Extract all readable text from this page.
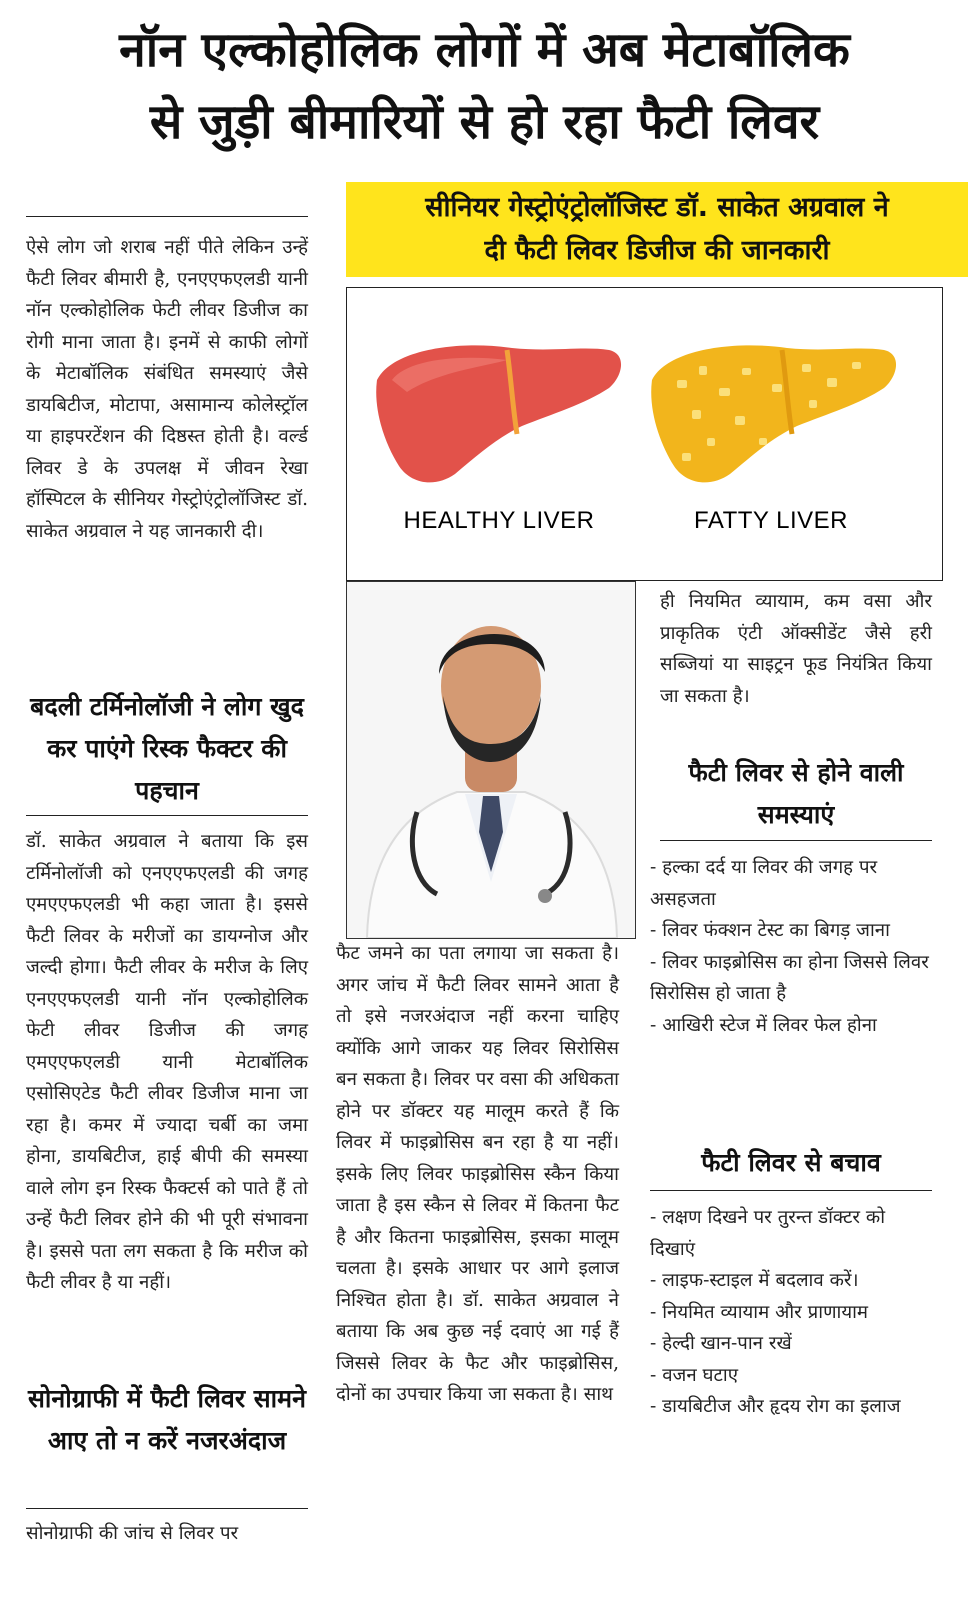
नॉन एल्कोहोलिक लोगों में अब मेटाबॉलिक
से जुड़ी बीमारियों से हो रहा फैटी लिवर
ऐसे लोग जो शराब नहीं पीते लेकिन उन्हें फैटी लिवर बीमारी है, एनएएफएलडी यानी नॉन एल्कोहोलिक फेटी लीवर डिजीज का रोगी माना जाता है। इनमें से काफी लोगों के मेटाबॉलिक संबंधित समस्याएं जैसे डायबिटीज, मोटापा, असामान्य कोलेस्ट्रॉल या हाइपरटेंशन की दिष्ठस्त होती है। वर्ल्ड लिवर डे के उपलक्ष में जीवन रेखा हॉस्पिटल के सीनियर गेस्ट्रोएंट्रोलॉजिस्ट डॉ. साकेत अग्रवाल ने यह जानकारी दी।
बदली टर्मिनोलॉजी ने लोग खुद कर पाएंगे रिस्क फैक्टर की पहचान
डॉ. साकेत अग्रवाल ने बताया कि इस टर्मिनोलॉजी को एनएएफएलडी की जगह एमएएफएलडी भी कहा जाता है। इससे फैटी लिवर के मरीजों का डायग्नोज और जल्दी होगा। फैटी लीवर के मरीज के लिए एनएएफएलडी यानी नॉन एल्कोहोलिक फेटी लीवर डिजीज की जगह एमएएफएलडी यानी मेटाबॉलिक एसोसिएटेड फैटी लीवर डिजीज माना जा रहा है। कमर में ज्यादा चर्बी का जमा होना, डायबिटीज, हाई बीपी की समस्या वाले लोग इन रिस्क फैक्टर्स को पाते हैं तो उन्हें फैटी लिवर होने की भी पूरी संभावना है। इससे पता लग सकता है कि मरीज को फैटी लीवर है या नहीं।
सोनोग्राफी में फैटी लिवर सामने आए तो न करें नजरअंदाज
सोनोग्राफी की जांच से लिवर पर
सीनियर गेस्ट्रोएंट्रोलॉजिस्ट डॉ. साकेत अग्रवाल ने
दी फैटी लिवर डिजीज की जानकारी
HEALTHY LIVER	FATTY LIVER
फैट जमने का पता लगाया जा सकता है। अगर जांच में फैटी लिवर सामने आता है तो इसे नजरअंदाज नहीं करना चाहिए क्योंकि आगे जाकर यह लिवर सिरोसिस बन सकता है। लिवर पर वसा की अधिकता होने पर डॉक्टर यह मालूम करते हैं कि लिवर में फाइब्रोसिस बन रहा है या नहीं। इसके लिए लिवर फाइब्रोसिस स्कैन किया जाता है इस स्कैन से लिवर में कितना फैट है और कितना फाइब्रोसिस, इसका मालूम चलता है। इसके आधार पर आगे इलाज निश्चित होता है। डॉ. साकेत अग्रवाल ने बताया कि अब कुछ नई दवाएं आ गई हैं जिससे लिवर के फैट और फाइब्रोसिस, दोनों का उपचार किया जा सकता है। साथ
ही नियमित व्यायाम, कम वसा और प्राकृतिक एंटी ऑक्सीडेंट जैसे हरी सब्जियां या साइट्रन फूड नियंत्रित किया जा सकता है।
फैटी लिवर से होने वाली समस्याएं
- हल्का दर्द या लिवर की जगह पर असहजता
- लिवर फंक्शन टेस्ट का बिगड़ जाना
- लिवर फाइब्रोसिस का होना जिससे लिवर सिरोसिस हो जाता है
- आखिरी स्टेज में लिवर फेल होना
फैटी लिवर से बचाव
- लक्षण दिखने पर तुरन्त डॉक्टर को दिखाएं
- लाइफ-स्टाइल में बदलाव करें।
- नियमित व्यायाम और प्राणायाम
- हेल्दी खान-पान रखें
- वजन घटाए
- डायबिटीज और हृदय रोग का इलाज
